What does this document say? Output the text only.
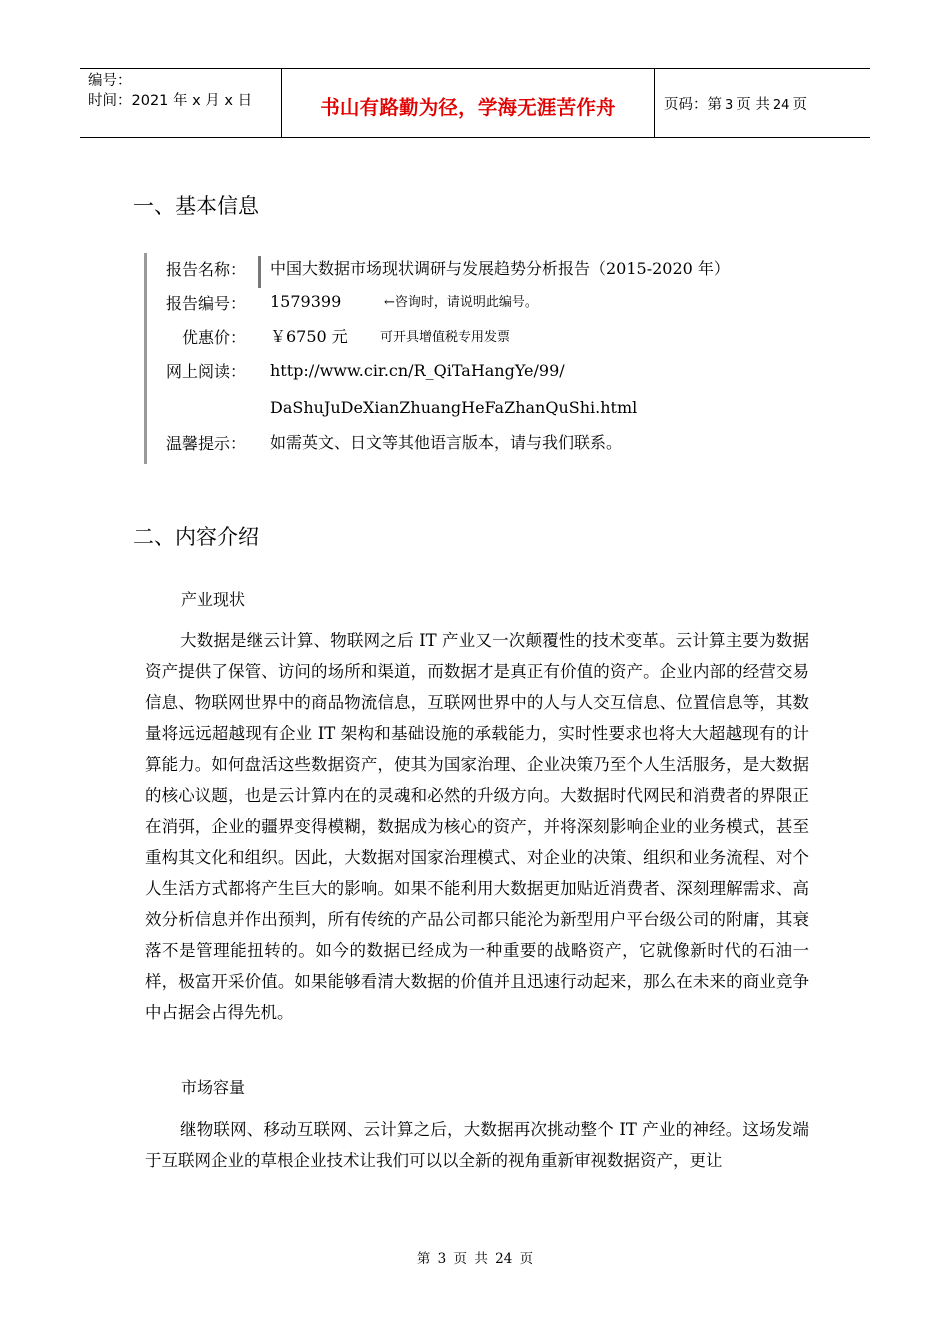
编号：
时间：2021 年 x 月 x 日	书山有路勤为径，学海无涯苦作舟	页码：第 3 页 共 24 页
一、基本信息
报告名称： 中国大数据市场现状调研与发展趋势分析报告（2015-2020 年）
报告编号： 1579399	←咨询时，请说明此编号。
优惠价： ￥6750 元 可开具增值税专用发票
网上阅读： http://www.cir.cn/R_QiTaHangYe/99/
DaShuJuDeXianZhuangHeFaZhanQuShi.html
温馨提示： 如需英文、日文等其他语言版本，请与我们联系。
二、内容介绍
产业现状

大数据是继云计算、物联网之后 IT 产业又一次颠覆性的技术变革。云计算主要为数据资产提供了保管、访问的场所和渠道，而数据才是真正有价值的资产。企业内部的经营交易信息、物联网世界中的商品物流信息，互联网世界中的人与人交互信息、位置信息等，其数量将远远超越现有企业 IT 架构和基础设施的承载能力，实时性要求也将大大超越现有的计算能力。如何盘活这些数据资产，使其为国家治理、企业决策乃至个人生活服务，是大数据的核心议题，也是云计算内在的灵魂和必然的升级方向。大数据时代网民和消费者的界限正在消弭，企业的疆界变得模糊，数据成为核心的资产，并将深刻影响企业的业务模式，甚至重构其文化和组织。因此，大数据对国家治理模式、对企业的决策、组织和业务流程、对个人生活方式都将产生巨大的影响。如果不能利用大数据更加贴近消费者、深刻理解需求、高效分析信息并作出预判，所有传统的产品公司都只能沦为新型用户平台级公司的附庸，其衰落不是管理能扭转的。如今的数据已经成为一种重要的战略资产，它就像新时代的石油一样，极富开采价值。如果能够看清大数据的价值并且迅速行动起来，那么在未来的商业竞争中占据会占得先机。

市场容量

继物联网、移动互联网、云计算之后，大数据再次挑动整个 IT 产业的神经。这场发端于互联网企业的草根企业技术让我们可以以全新的视角重新审视数据资产，更让

第 3 页 共 24 页
